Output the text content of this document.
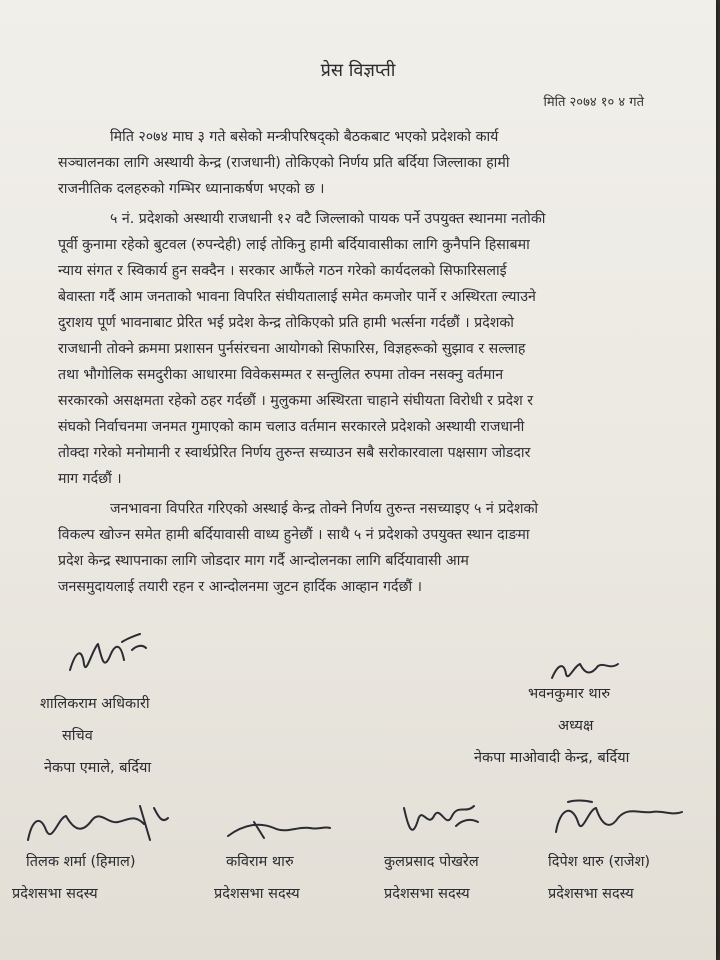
प्रेस विज्ञप्ती
मिति २०७४ १० ४ गते
मिति २०७४ माघ ३ गते बसेको मन्त्रीपरिषद्को बैठकबाट भएको प्रदेशको कार्य
सञ्चालनका लागि अस्थायी केन्द्र (राजधानी) तोकिएको निर्णय प्रति बर्दिया जिल्लाका हामी
राजनीतिक दलहरुको गम्भिर ध्यानाकर्षण भएको छ ।
५ नं. प्रदेशको अस्थायी राजधानी १२ वटै जिल्लाको पायक पर्ने उपयुक्त स्थानमा नतोकी
पूर्वी कुनामा रहेको बुटवल (रुपन्देही) लाई तोकिनु हामी बर्दियावासीका लागि कुनैपनि हिसाबमा
न्याय संगत र स्विकार्य हुन सक्दैन । सरकार आफैंले गठन गरेको कार्यदलको सिफारिसलाई
बेवास्ता गर्दै आम जनताको भावना विपरित संघीयतालाई समेत कमजोर पार्ने र अस्थिरता ल्याउने
दुराशय पूर्ण भावनाबाट प्रेरित भई प्रदेश केन्द्र तोकिएको प्रति हामी भर्त्सना गर्दछौं । प्रदेशको
राजधानी तोक्ने क्रममा प्रशासन पुर्नसंरचना आयोगको सिफारिस, विज्ञहरूको सुझाव र सल्लाह
तथा भौगोलिक समदुरीका आधारमा विवेकसम्मत र सन्तुलित रुपमा तोक्न नसक्नु वर्तमान
सरकारको असक्षमता रहेको ठहर गर्दछौं । मुलुकमा अस्थिरता चाहाने संघीयता विरोधी र प्रदेश र
संघको निर्वाचनमा जनमत गुमाएको काम चलाउ वर्तमान सरकारले प्रदेशको अस्थायी राजधानी
तोक्दा गरेको मनोमानी र स्वार्थप्रेरित निर्णय तुरुन्त सच्याउन सबै सरोकारवाला पक्षसाग जोडदार
माग गर्दछौं ।
जनभावना विपरित गरिएको अस्थाई केन्द्र तोक्ने निर्णय तुरुन्त नसच्याइए ५ नं प्रदेशको
विकल्प खोज्न समेत हामी बर्दियावासी वाध्य हुनेछौं । साथै ५ नं प्रदेशको उपयुक्त स्थान दाङमा
प्रदेश केन्द्र स्थापनाका लागि जोडदार माग गर्दै आन्दोलनका लागि बर्दियावासी आम
जनसमुदायलाई तयारी रहन र आन्दोलनमा जुटन हार्दिक आव्हान गर्दछौं ।
शालिकराम अधिकारी
सचिव
नेकपा एमाले, बर्दिया
भवनकुमार थारु
अध्यक्ष
नेकपा माओवादी केन्द्र, बर्दिया
तिलक शर्मा (हिमाल)
प्रदेशसभा सदस्य
कविराम थारु
प्रदेशसभा सदस्य
कुलप्रसाद पोखरेल
प्रदेशसभा सदस्य
दिपेश थारु (राजेश)
प्रदेशसभा सदस्य
